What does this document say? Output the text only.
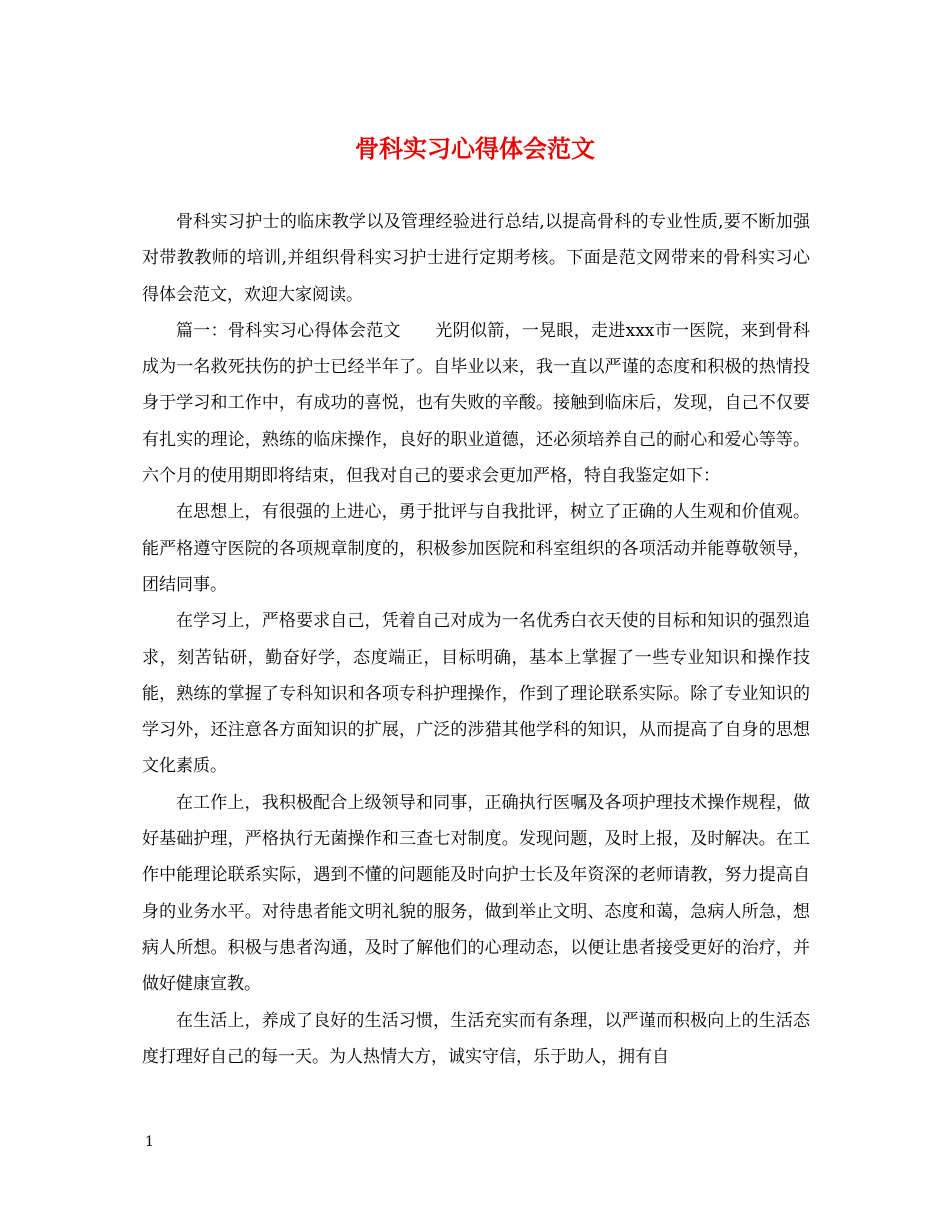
骨科实习心得体会范文

骨科实习护士的临床教学以及管理经验进行总结,以提高骨科的专业性质,要不断加强对带教教师的培训,并组织骨科实习护士进行定期考核。下面是范文网带来的骨科实习心得体会范文，欢迎大家阅读。

篇一：骨科实习心得体会范文　　光阴似箭，一晃眼，走进xxx市一医院，来到骨科成为一名救死扶伤的护士已经半年了。自毕业以来，我一直以严谨的态度和积极的热情投身于学习和工作中，有成功的喜悦，也有失败的辛酸。接触到临床后，发现，自己不仅要有扎实的理论，熟练的临床操作，良好的职业道德，还必须培养自己的耐心和爱心等等。六个月的使用期即将结束，但我对自己的要求会更加严格，特自我鉴定如下：

在思想上，有很强的上进心，勇于批评与自我批评，树立了正确的人生观和价值观。能严格遵守医院的各项规章制度的，积极参加医院和科室组织的各项活动并能尊敬领导，团结同事。

在学习上，严格要求自己，凭着自己对成为一名优秀白衣天使的目标和知识的强烈追求，刻苦钻研，勤奋好学，态度端正，目标明确，基本上掌握了一些专业知识和操作技能，熟练的掌握了专科知识和各项专科护理操作，作到了理论联系实际。除了专业知识的学习外，还注意各方面知识的扩展，广泛的涉猎其他学科的知识，从而提高了自身的思想文化素质。

在工作上，我积极配合上级领导和同事，正确执行医嘱及各项护理技术操作规程，做好基础护理，严格执行无菌操作和三查七对制度。发现问题，及时上报，及时解决。在工作中能理论联系实际，遇到不懂的问题能及时向护士长及年资深的老师请教，努力提高自身的业务水平。对待患者能文明礼貌的服务，做到举止文明、态度和蔼，急病人所急，想病人所想。积极与患者沟通，及时了解他们的心理动态，以便让患者接受更好的治疗，并做好健康宣教。

在生活上，养成了良好的生活习惯，生活充实而有条理，以严谨而积极向上的生活态度打理好自己的每一天。为人热情大方，诚实守信，乐于助人，拥有自

1
